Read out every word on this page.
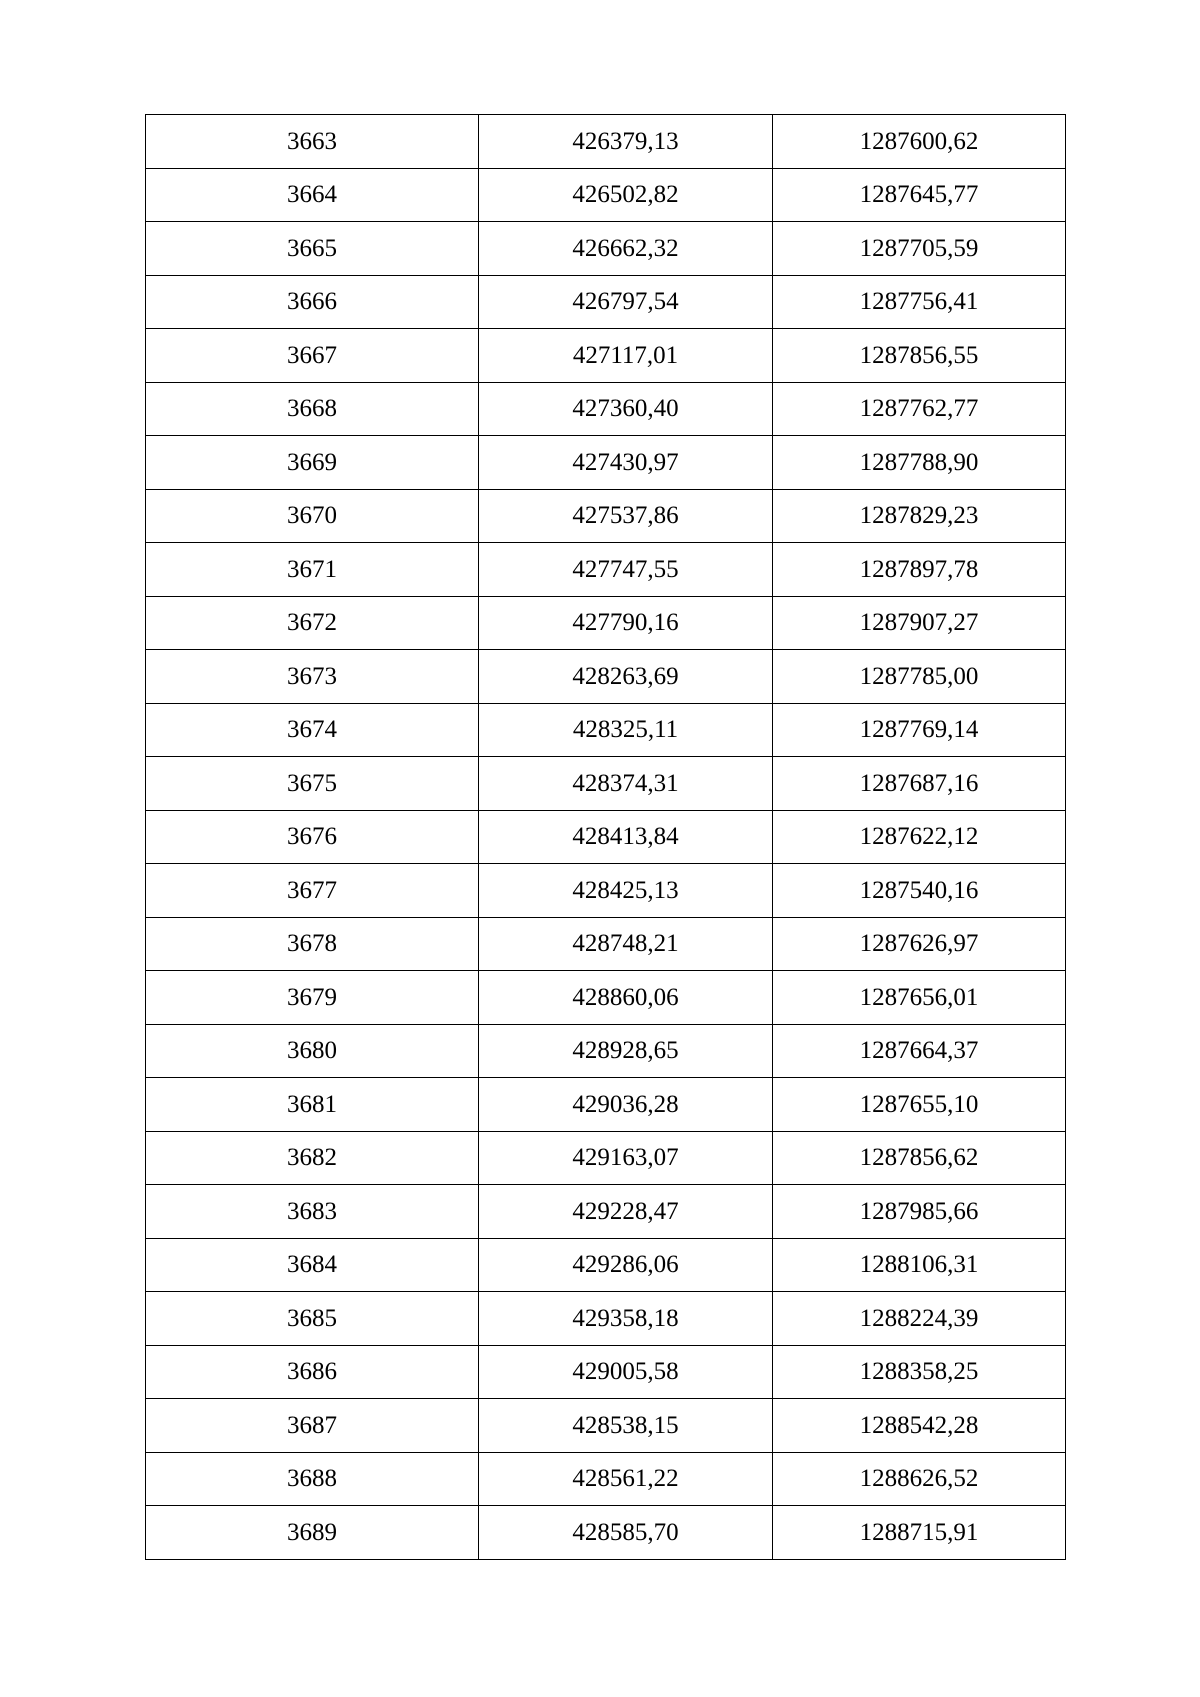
3663	426379,13	1287600,62
3664	426502,82	1287645,77
3665	426662,32	1287705,59
3666	426797,54	1287756,41
3667	427117,01	1287856,55
3668	427360,40	1287762,77
3669	427430,97	1287788,90
3670	427537,86	1287829,23
3671	427747,55	1287897,78
3672	427790,16	1287907,27
3673	428263,69	1287785,00
3674	428325,11	1287769,14
3675	428374,31	1287687,16
3676	428413,84	1287622,12
3677	428425,13	1287540,16
3678	428748,21	1287626,97
3679	428860,06	1287656,01
3680	428928,65	1287664,37
3681	429036,28	1287655,10
3682	429163,07	1287856,62
3683	429228,47	1287985,66
3684	429286,06	1288106,31
3685	429358,18	1288224,39
3686	429005,58	1288358,25
3687	428538,15	1288542,28
3688	428561,22	1288626,52
3689	428585,70	1288715,91
